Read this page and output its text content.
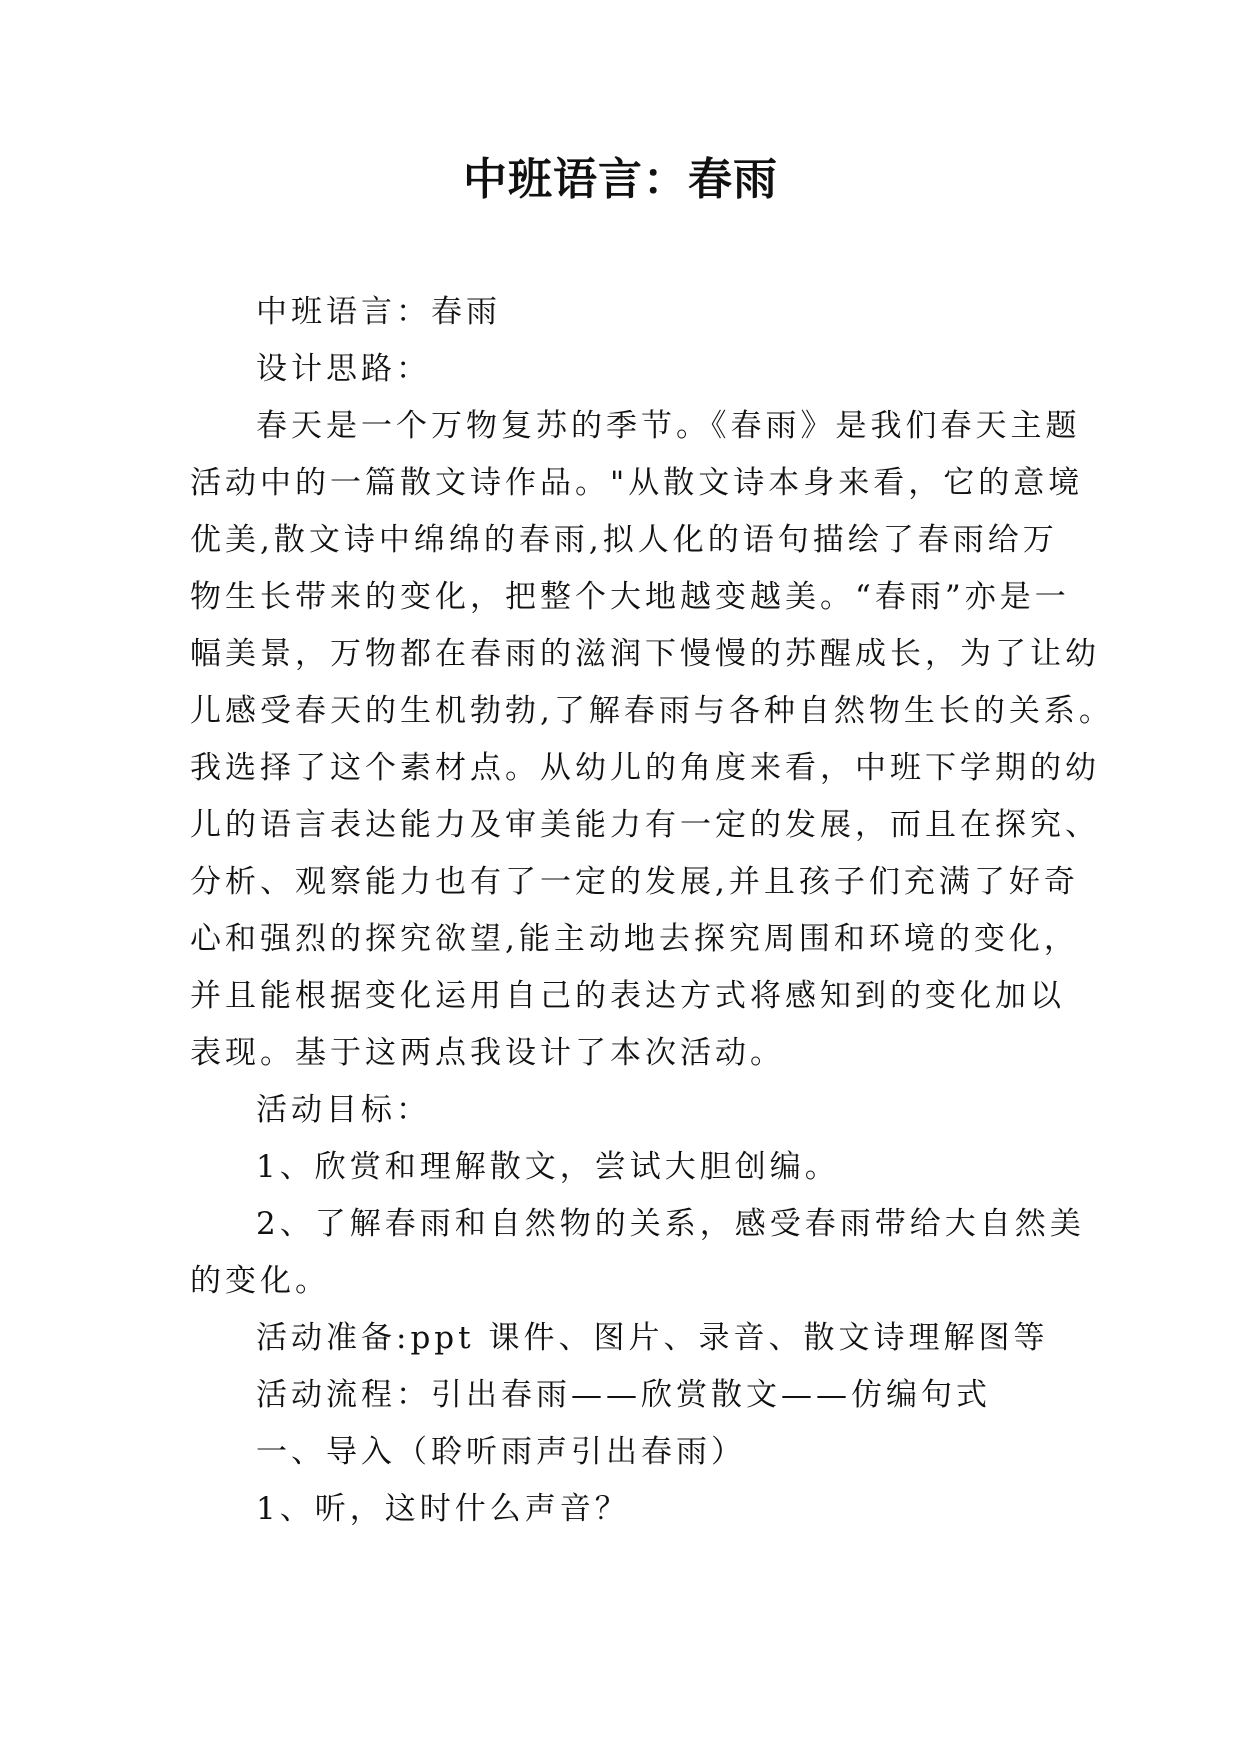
中班语言：春雨
中班语言：春雨
设计思路：
春天是一个万物复苏的季节。《春雨》是我们春天主题
活动中的一篇散文诗作品。"从散文诗本身来看，它的意境
优美,散文诗中绵绵的春雨,拟人化的语句描绘了春雨给万
物生长带来的变化，把整个大地越变越美。“春雨”亦是一
幅美景，万物都在春雨的滋润下慢慢的苏醒成长，为了让幼
儿感受春天的生机勃勃,了解春雨与各种自然物生长的关系。
我选择了这个素材点。从幼儿的角度来看，中班下学期的幼
儿的语言表达能力及审美能力有一定的发展，而且在探究、
分析、观察能力也有了一定的发展,并且孩子们充满了好奇
心和强烈的探究欲望,能主动地去探究周围和环境的变化，
并且能根据变化运用自己的表达方式将感知到的变化加以
表现。基于这两点我设计了本次活动。
活动目标：
1、欣赏和理解散文，尝试大胆创编。
2、了解春雨和自然物的关系，感受春雨带给大自然美
的变化。
活动准备:ppt 课件、图片、录音、散文诗理解图等
活动流程：引出春雨——欣赏散文——仿编句式
一、导入（聆听雨声引出春雨）
1、听，这时什么声音？
